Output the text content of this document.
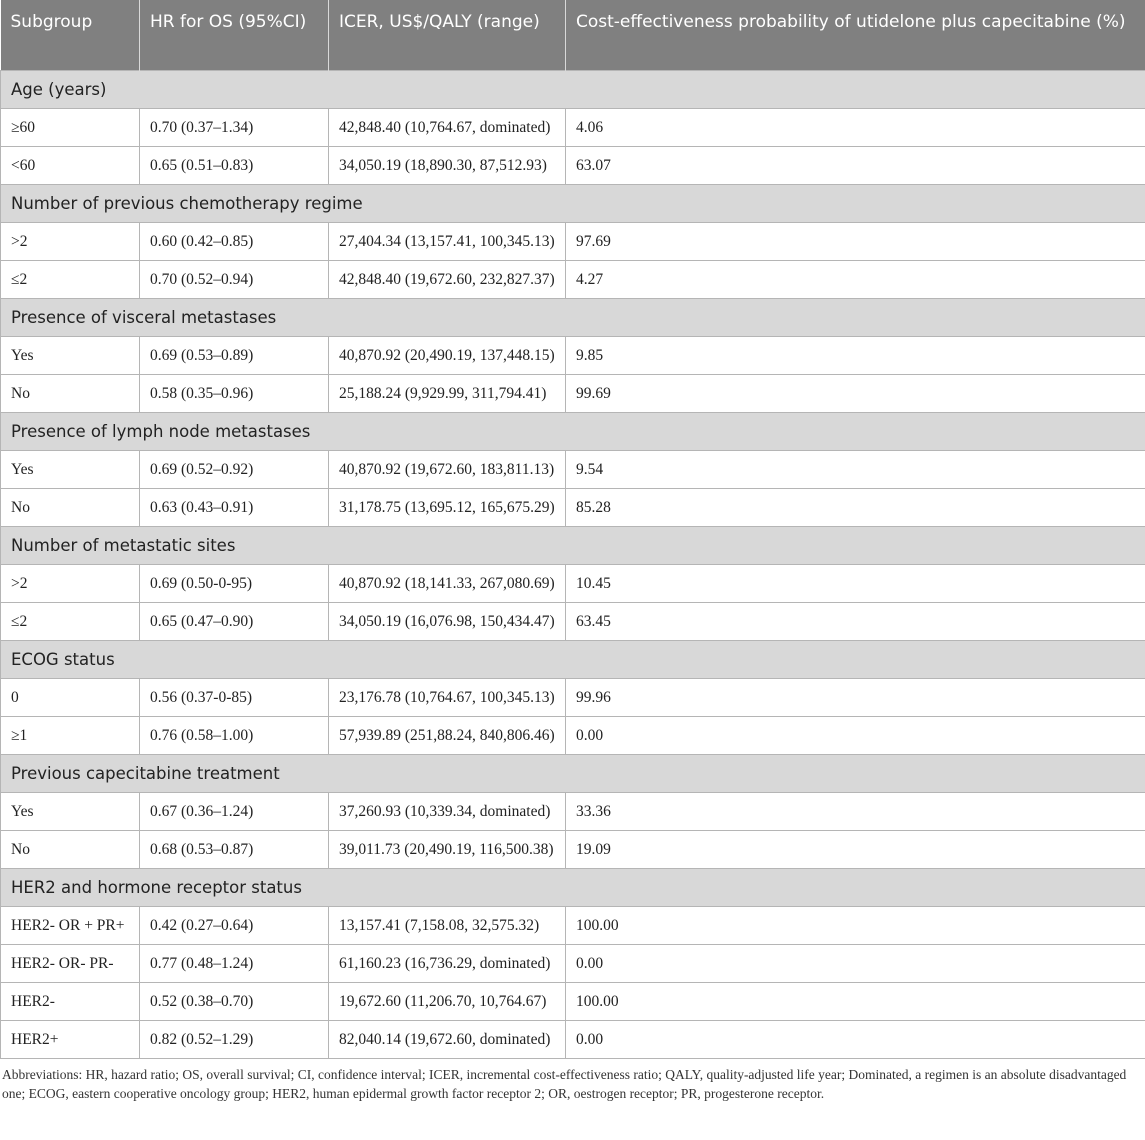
Subgroup	HR for OS (95%CI)	ICER, US$/QALY (range)	Cost-effectiveness probability of utidelone plus capecitabine (%)
Age (years)			
≥60	0.70 (0.37–1.34)	42,848.40 (10,764.67, dominated)	4.06
<60	0.65 (0.51–0.83)	34,050.19 (18,890.30, 87,512.93)	63.07
Number of previous chemotherapy regime			
>2	0.60 (0.42–0.85)	27,404.34 (13,157.41, 100,345.13)	97.69
≤2	0.70 (0.52–0.94)	42,848.40 (19,672.60, 232,827.37)	4.27
Presence of visceral metastases			
Yes	0.69 (0.53–0.89)	40,870.92 (20,490.19, 137,448.15)	9.85
No	0.58 (0.35–0.96)	25,188.24 (9,929.99, 311,794.41)	99.69
Presence of lymph node metastases			
Yes	0.69 (0.52–0.92)	40,870.92 (19,672.60, 183,811.13)	9.54
No	0.63 (0.43–0.91)	31,178.75 (13,695.12, 165,675.29)	85.28
Number of metastatic sites			
>2	0.69 (0.50-0-95)	40,870.92 (18,141.33, 267,080.69)	10.45
≤2	0.65 (0.47–0.90)	34,050.19 (16,076.98, 150,434.47)	63.45
ECOG status			
0	0.56 (0.37-0-85)	23,176.78 (10,764.67, 100,345.13)	99.96
≥1	0.76 (0.58–1.00)	57,939.89 (251,88.24, 840,806.46)	0.00
Previous capecitabine treatment			
Yes	0.67 (0.36–1.24)	37,260.93 (10,339.34, dominated)	33.36
No	0.68 (0.53–0.87)	39,011.73 (20,490.19, 116,500.38)	19.09
HER2 and hormone receptor status			
HER2- OR + PR+	0.42 (0.27–0.64)	13,157.41 (7,158.08, 32,575.32)	100.00
HER2- OR- PR-	0.77 (0.48–1.24)	61,160.23 (16,736.29, dominated)	0.00
HER2-	0.52 (0.38–0.70)	19,672.60 (11,206.70, 10,764.67)	100.00
HER2+	0.82 (0.52–1.29)	82,040.14 (19,672.60, dominated)	0.00
Abbreviations: HR, hazard ratio; OS, overall survival; CI, confidence interval; ICER, incremental cost-effectiveness ratio; QALY, quality-adjusted life year; Dominated, a regimen is an absolute disadvantaged one; ECOG, eastern cooperative oncology group; HER2, human epidermal growth factor receptor 2; OR, oestrogen receptor; PR, progesterone receptor.
